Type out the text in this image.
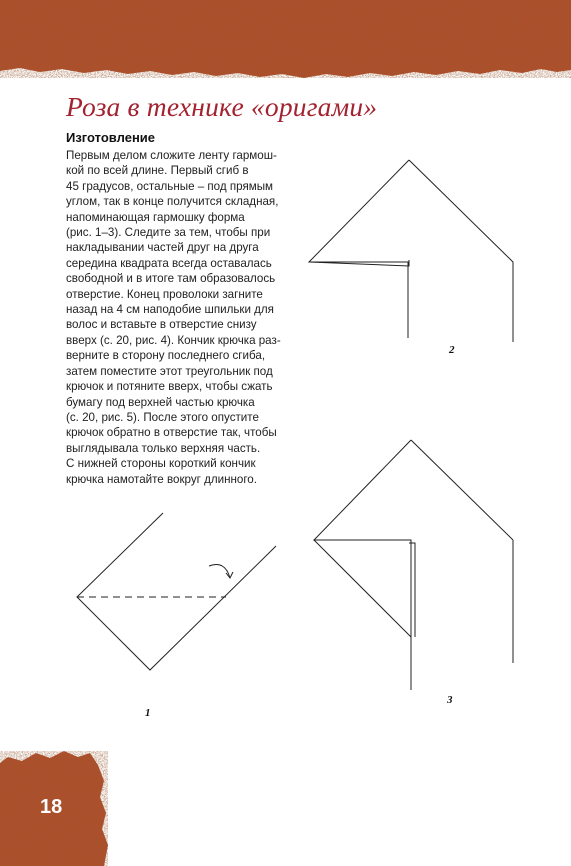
Роза в технике «оригами»
Изготовление

Первым делом сложите ленту гармош-
кой по всей длине. Первый сгиб в
45 градусов, остальные – под прямым
углом, так в конце получится складная,
напоминающая гармошку форма
(рис. 1–3). Следите за тем, чтобы при
накладывании частей друг на друга
середина квадрата всегда оставалась
свободной и в итоге там образовалось
отверстие. Конец проволоки загните
назад на 4 см наподобие шпильки для
волос и вставьте в отверстие снизу
вверх (с. 20, рис. 4). Кончик крючка раз-
верните в сторону последнего сгиба,
затем поместите этот треугольник под
крючок и потяните вверх, чтобы сжать
бумагу под верхней частью крючка
(с. 20, рис. 5). После этого опустите
крючок обратно в отверстие так, чтобы
выглядывала только верхняя часть.
С нижней стороны короткий кончик
крючка намотайте вокруг длинного.

2
3
1
18
